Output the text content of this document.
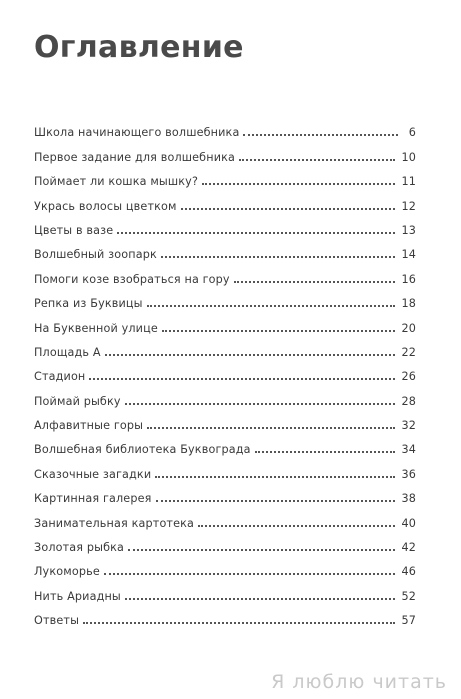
Оглавление
Школа начинающего волшебника	6
Первое задание для волшебника	10
Поймает ли кошка мышку?	11
Укрась волосы цветком	12
Цветы в вазе	13
Волшебный зоопарк	14
Помоги козе взобраться на гору	16
Репка из Буквицы	18
На Буквенной улице	20
Площадь А	22
Стадион	26
Поймай рыбку	28
Алфавитные горы	32
Волшебная библиотека Буквограда	34
Сказочные загадки	36
Картинная галерея	38
Занимательная картотека	40
Золотая рыбка	42
Лукоморье	46
Нить Ариадны	52
Ответы	57
Я люблю читать
